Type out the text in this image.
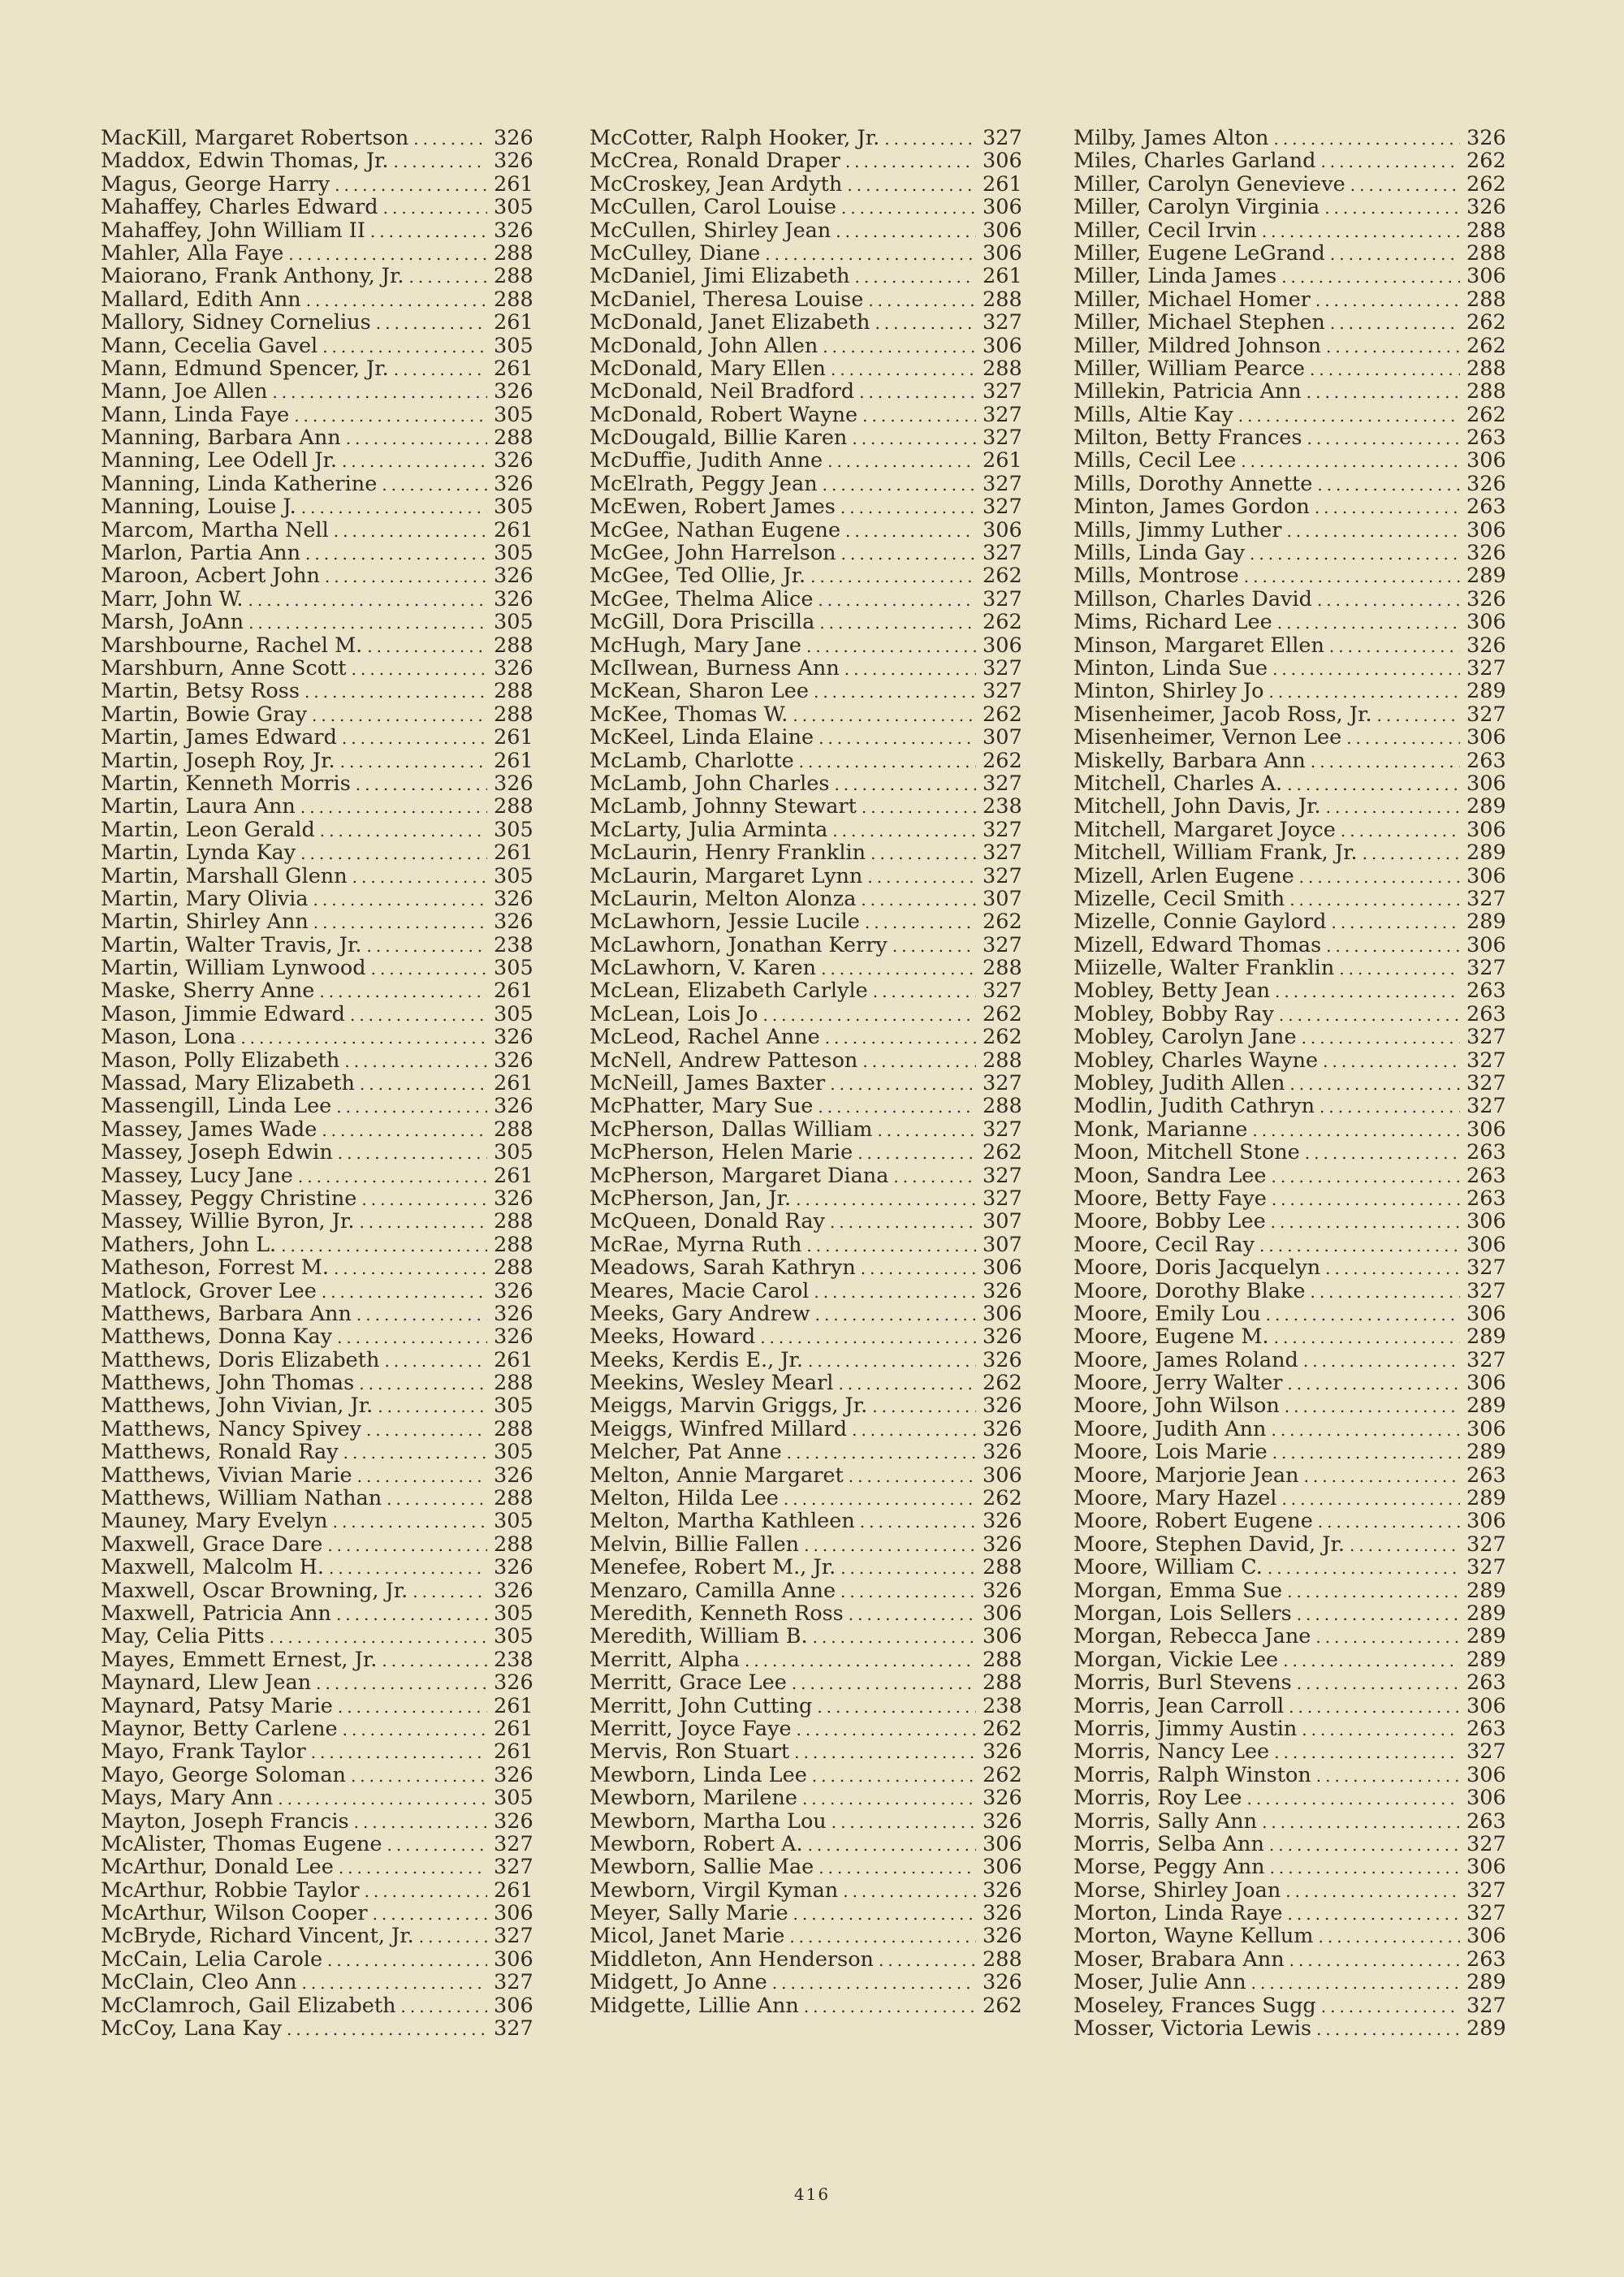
MacKill, Margaret Robertson .....	326
Maddox, Edwin Thomas, Jr. .....	326
Magus, George Harry .....	261
Mahaffey, Charles Edward .....	305
Mahaffey, John William II .....	326
Mahler, Alla Faye .....	288
Maiorano, Frank Anthony, Jr. .....	288
Mallard, Edith Ann .....	288
Mallory, Sidney Cornelius .....	261
Mann, Cecelia Gavel .....	305
Mann, Edmund Spencer, Jr. .....	261
Mann, Joe Allen .....	326
Mann, Linda Faye .....	305
Manning, Barbara Ann .....	288
Manning, Lee Odell Jr. .....	326
Manning, Linda Katherine .....	326
Manning, Louise J. .....	305
Marcom, Martha Nell .....	261
Marlon, Partia Ann .....	305
Maroon, Acbert John .....	326
Marr, John W. .....	326
Marsh, JoAnn .....	305
Marshbourne, Rachel M. .....	288
Marshburn, Anne Scott .....	326
Martin, Betsy Ross .....	288
Martin, Bowie Gray .....	288
Martin, James Edward .....	261
Martin, Joseph Roy, Jr. .....	261
Martin, Kenneth Morris .....	326
Martin, Laura Ann .....	288
Martin, Leon Gerald .....	305
Martin, Lynda Kay .....	261
Martin, Marshall Glenn .....	305
Martin, Mary Olivia .....	326
Martin, Shirley Ann .....	326
Martin, Walter Travis, Jr. .....	238
Martin, William Lynwood .....	305
Maske, Sherry Anne .....	261
Mason, Jimmie Edward .....	305
Mason, Lona .....	326
Mason, Polly Elizabeth .....	326
Massad, Mary Elizabeth .....	261
Massengill, Linda Lee .....	326
Massey, James Wade .....	288
Massey, Joseph Edwin .....	305
Massey, Lucy Jane .....	261
Massey, Peggy Christine .....	326
Massey, Willie Byron, Jr. .....	288
Mathers, John L. .....	288
Matheson, Forrest M. .....	288
Matlock, Grover Lee .....	326
Matthews, Barbara Ann .....	326
Matthews, Donna Kay .....	326
Matthews, Doris Elizabeth .....	261
Matthews, John Thomas .....	288
Matthews, John Vivian, Jr. .....	305
Matthews, Nancy Spivey .....	288
Matthews, Ronald Ray .....	305
Matthews, Vivian Marie .....	326
Matthews, William Nathan .....	288
Mauney, Mary Evelyn .....	305
Maxwell, Grace Dare .....	288
Maxwell, Malcolm H. .....	326
Maxwell, Oscar Browning, Jr. .....	326
Maxwell, Patricia Ann .....	305
May, Celia Pitts .....	305
Mayes, Emmett Ernest, Jr. .....	238
Maynard, Llew Jean .....	326
Maynard, Patsy Marie .....	261
Maynor, Betty Carlene .....	261
Mayo, Frank Taylor .....	261
Mayo, George Soloman .....	326
Mays, Mary Ann .....	305
Mayton, Joseph Francis .....	326
McAlister, Thomas Eugene .....	327
McArthur, Donald Lee .....	327
McArthur, Robbie Taylor .....	261
McArthur, Wilson Cooper .....	306
McBryde, Richard Vincent, Jr. .....	327
McCain, Lelia Carole .....	306
McClain, Cleo Ann .....	327
McClamroch, Gail Elizabeth .....	306
McCoy, Lana Kay .....	327
McCotter, Ralph Hooker, Jr. .....	327
McCrea, Ronald Draper .....	306
McCroskey, Jean Ardyth .....	261
McCullen, Carol Louise .....	306
McCullen, Shirley Jean .....	306
McCulley, Diane .....	306
McDaniel, Jimi Elizabeth .....	261
McDaniel, Theresa Louise .....	288
McDonald, Janet Elizabeth .....	327
McDonald, John Allen .....	306
McDonald, Mary Ellen .....	288
McDonald, Neil Bradford .....	327
McDonald, Robert Wayne .....	327
McDougald, Billie Karen .....	327
McDuffie, Judith Anne .....	261
McElrath, Peggy Jean .....	327
McEwen, Robert James .....	327
McGee, Nathan Eugene .....	306
McGee, John Harrelson .....	327
McGee, Ted Ollie, Jr. .....	262
McGee, Thelma Alice .....	327
McGill, Dora Priscilla .....	262
McHugh, Mary Jane .....	306
McIlwean, Burness Ann .....	327
McKean, Sharon Lee .....	327
McKee, Thomas W. .....	262
McKeel, Linda Elaine .....	307
McLamb, Charlotte .....	262
McLamb, John Charles .....	327
McLamb, Johnny Stewart .....	238
McLarty, Julia Arminta .....	327
McLaurin, Henry Franklin .....	327
McLaurin, Margaret Lynn .....	327
McLaurin, Melton Alonza .....	307
McLawhorn, Jessie Lucile .....	262
McLawhorn, Jonathan Kerry .....	327
McLawhorn, V. Karen .....	288
McLean, Elizabeth Carlyle .....	327
McLean, Lois Jo .....	262
McLeod, Rachel Anne .....	262
McNell, Andrew Patteson .....	288
McNeill, James Baxter .....	327
McPhatter, Mary Sue .....	288
McPherson, Dallas William .....	327
McPherson, Helen Marie .....	262
McPherson, Margaret Diana .....	327
McPherson, Jan, Jr. .....	327
McQueen, Donald Ray .....	307
McRae, Myrna Ruth .....	307
Meadows, Sarah Kathryn .....	306
Meares, Macie Carol .....	326
Meeks, Gary Andrew .....	306
Meeks, Howard .....	326
Meeks, Kerdis E., Jr. .....	326
Meekins, Wesley Mearl .....	262
Meiggs, Marvin Griggs, Jr. .....	326
Meiggs, Winfred Millard .....	326
Melcher, Pat Anne .....	326
Melton, Annie Margaret .....	306
Melton, Hilda Lee .....	262
Melton, Martha Kathleen .....	326
Melvin, Billie Fallen .....	326
Menefee, Robert M., Jr. .....	288
Menzaro, Camilla Anne .....	326
Meredith, Kenneth Ross .....	306
Meredith, William B. .....	306
Merritt, Alpha .....	288
Merritt, Grace Lee .....	288
Merritt, John Cutting .....	238
Merritt, Joyce Faye .....	262
Mervis, Ron Stuart .....	326
Mewborn, Linda Lee .....	262
Mewborn, Marilene .....	326
Mewborn, Martha Lou .....	326
Mewborn, Robert A. .....	306
Mewborn, Sallie Mae .....	306
Mewborn, Virgil Kyman .....	326
Meyer, Sally Marie .....	326
Micol, Janet Marie .....	326
Middleton, Ann Henderson .....	288
Midgett, Jo Anne .....	326
Midgette, Lillie Ann .....	262
Milby, James Alton .....	326
Miles, Charles Garland .....	262
Miller, Carolyn Genevieve .....	262
Miller, Carolyn Virginia .....	326
Miller, Cecil Irvin .....	288
Miller, Eugene LeGrand .....	288
Miller, Linda James .....	306
Miller, Michael Homer .....	288
Miller, Michael Stephen .....	262
Miller, Mildred Johnson .....	262
Miller, William Pearce .....	288
Millekin, Patricia Ann .....	288
Mills, Altie Kay .....	262
Milton, Betty Frances .....	263
Mills, Cecil Lee .....	306
Mills, Dorothy Annette .....	326
Minton, James Gordon .....	263
Mills, Jimmy Luther .....	306
Mills, Linda Gay .....	326
Mills, Montrose .....	289
Millson, Charles David .....	326
Mims, Richard Lee .....	306
Minson, Margaret Ellen .....	326
Minton, Linda Sue .....	327
Minton, Shirley Jo .....	289
Misenheimer, Jacob Ross, Jr. .....	327
Misenheimer, Vernon Lee .....	306
Miskelly, Barbara Ann .....	263
Mitchell, Charles A. .....	306
Mitchell, John Davis, Jr. .....	289
Mitchell, Margaret Joyce .....	306
Mitchell, William Frank, Jr. .....	289
Mizell, Arlen Eugene .....	306
Mizelle, Cecil Smith .....	327
Mizelle, Connie Gaylord .....	289
Mizell, Edward Thomas .....	306
Miizelle, Walter Franklin .....	327
Mobley, Betty Jean .....	263
Mobley, Bobby Ray .....	263
Mobley, Carolyn Jane .....	327
Mobley, Charles Wayne .....	327
Mobley, Judith Allen .....	327
Modlin, Judith Cathryn .....	327
Monk, Marianne .....	306
Moon, Mitchell Stone .....	263
Moon, Sandra Lee .....	263
Moore, Betty Faye .....	263
Moore, Bobby Lee .....	306
Moore, Cecil Ray .....	306
Moore, Doris Jacquelyn .....	327
Moore, Dorothy Blake .....	327
Moore, Emily Lou .....	306
Moore, Eugene M. .....	289
Moore, James Roland .....	327
Moore, Jerry Walter .....	306
Moore, John Wilson .....	289
Moore, Judith Ann .....	306
Moore, Lois Marie .....	289
Moore, Marjorie Jean .....	263
Moore, Mary Hazel .....	289
Moore, Robert Eugene .....	306
Moore, Stephen David, Jr. .....	327
Moore, William C. .....	327
Morgan, Emma Sue .....	289
Morgan, Lois Sellers .....	289
Morgan, Rebecca Jane .....	289
Morgan, Vickie Lee .....	289
Morris, Burl Stevens .....	263
Morris, Jean Carroll .....	306
Morris, Jimmy Austin .....	263
Morris, Nancy Lee .....	327
Morris, Ralph Winston .....	306
Morris, Roy Lee .....	306
Morris, Sally Ann .....	263
Morris, Selba Ann .....	327
Morse, Peggy Ann .....	306
Morse, Shirley Joan .....	327
Morton, Linda Raye .....	327
Morton, Wayne Kellum .....	306
Moser, Brabara Ann .....	263
Moser, Julie Ann .....	289
Moseley, Frances Sugg .....	327
Mosser, Victoria Lewis .....	289
416
